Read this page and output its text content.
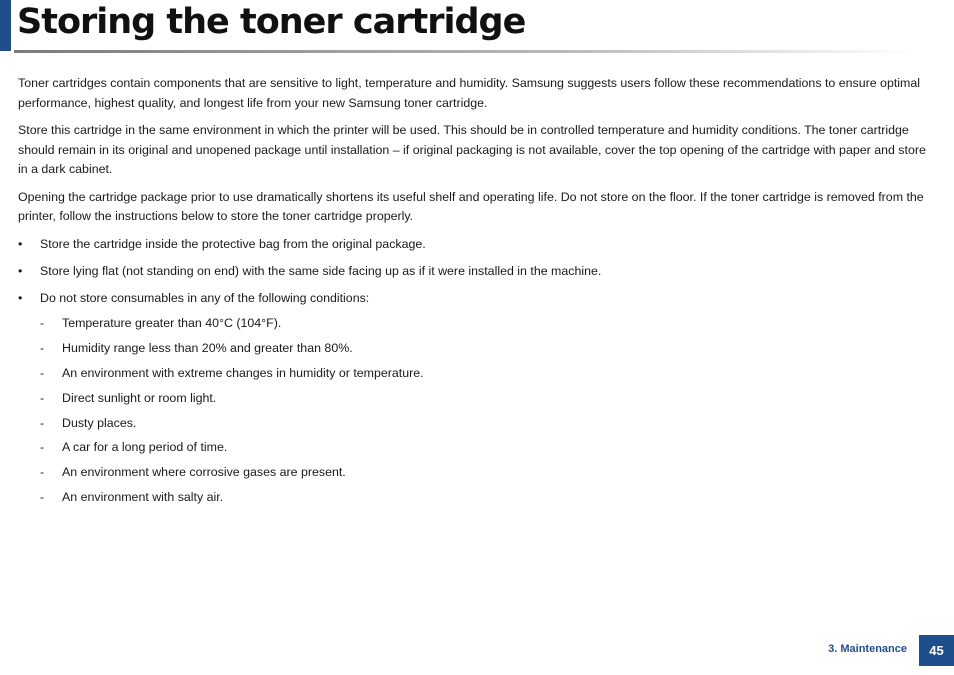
Storing the toner cartridge

Toner cartridges contain components that are sensitive to light, temperature and humidity. Samsung suggests users follow these recommendations to ensure optimal performance, highest quality, and longest life from your new Samsung toner cartridge.

Store this cartridge in the same environment in which the printer will be used. This should be in controlled temperature and humidity conditions. The toner cartridge should remain in its original and unopened package until installation – if original packaging is not available, cover the top opening of the cartridge with paper and store in a dark cabinet.

Opening the cartridge package prior to use dramatically shortens its useful shelf and operating life. Do not store on the floor. If the toner cartridge is removed from the printer, follow the instructions below to store the toner cartridge properly.

• Store the cartridge inside the protective bag from the original package.
• Store lying flat (not standing on end) with the same side facing up as if it were installed in the machine.
• Do not store consumables in any of the following conditions:
- Temperature greater than 40°C (104°F).
- Humidity range less than 20% and greater than 80%.
- An environment with extreme changes in humidity or temperature.
- Direct sunlight or room light.
- Dusty places.
- A car for a long period of time.
- An environment where corrosive gases are present.
- An environment with salty air.
3. Maintenance	45
